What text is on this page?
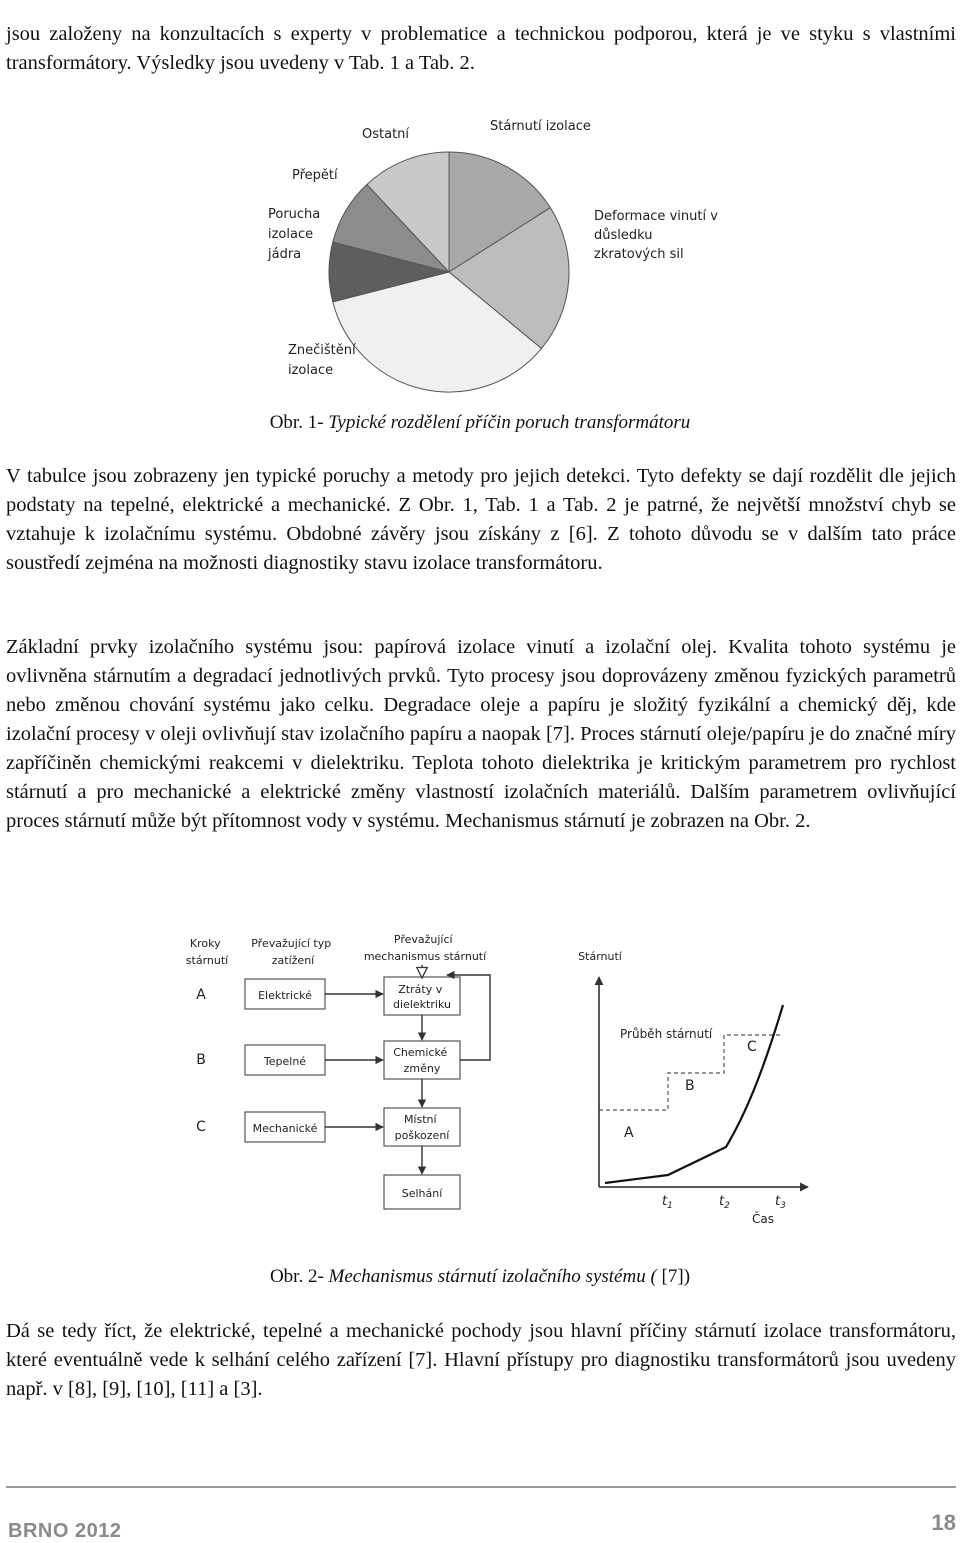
jsou založeny na konzultacích s experty v problematice a technickou podporou, která je ve styku s vlastními transformátory. Výsledky jsou uvedeny v Tab. 1 a Tab. 2.

Stárnutí izolace
Deformace vinutí v důsledku zkratových sil
Znečištění izolace
Porucha izolace jádra
Přepětí
Ostatní
Obr. 1- Typické rozdělení příčin poruch transformátoru

V tabulce jsou zobrazeny jen typické poruchy a metody pro jejich detekci. Tyto defekty se dají rozdělit dle jejich podstaty na tepelné, elektrické a mechanické. Z Obr. 1, Tab. 1 a Tab. 2 je patrné, že největší množství chyb se vztahuje k izolačnímu systému. Obdobné závěry jsou získány z [6]. Z tohoto důvodu se v dalším tato práce soustředí zejména na možnosti diagnostiky stavu izolace transformátoru.

Základní prvky izolačního systému jsou: papírová izolace vinutí a izolační olej. Kvalita tohoto systému je ovlivněna stárnutím a degradací jednotlivých prvků. Tyto procesy jsou doprovázeny změnou fyzických parametrů nebo změnou chování systému jako celku. Degradace oleje a papíru je složitý fyzikální a chemický děj, kde izolační procesy v oleji ovlivňují stav izolačního papíru a naopak [7]. Proces stárnutí oleje/papíru je do značné míry zapříčiněn chemickými reakcemi v dielektriku. Teplota tohoto dielektrika je kritickým parametrem pro rychlost stárnutí a pro mechanické a elektrické změny vlastností izolačních materiálů. Dalším parametrem ovlivňující proces stárnutí může být přítomnost vody v systému. Mechanismus stárnutí je zobrazen na Obr. 2.

Kroky stárnutí
Převažující typ zatížení
Převažující mechanismus stárnutí	Stárnutí
A
B
C
Elektrické
Tepelné
Mechanické
Ztráty v dielektriku
Chemické změny
Místní poškození
Selhání
Průběh stárnutí
A
B
C
$t_1$	$t_2$	$t_3$
Čas
Obr. 2- Mechanismus stárnutí izolačního systému ( [7])

Dá se tedy říct, že elektrické, tepelné a mechanické pochody jsou hlavní příčiny stárnutí izolace transformátoru, které eventuálně vede k selhání celého zařízení [7]. Hlavní přístupy pro diagnostiku transformátorů jsou uvedeny např. v [8], [9], [10], [11] a [3].

BRNO 2012	18
